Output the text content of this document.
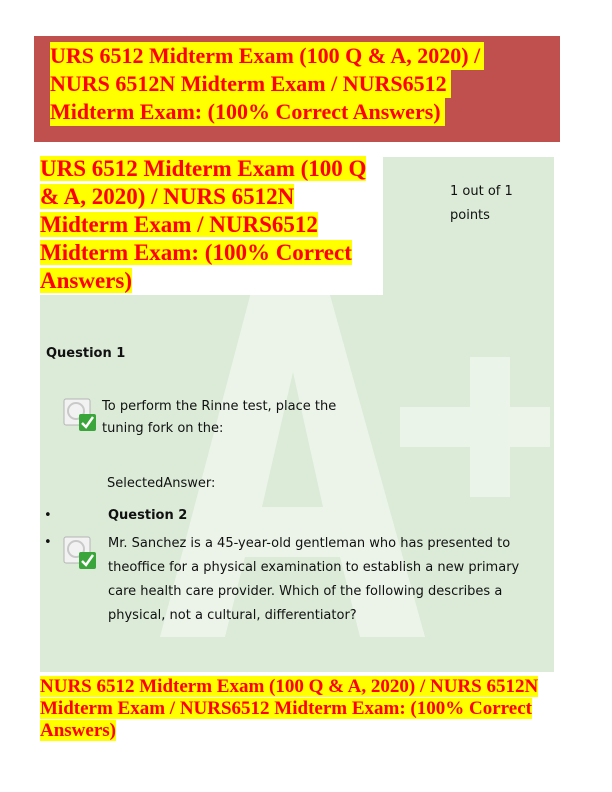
URS 6512 Midterm Exam (100 Q & A, 2020) /
NURS 6512N Midterm Exam / NURS6512
Midterm Exam: (100% Correct Answers)
URS 6512 Midterm Exam (100 Q & A, 2020) / NURS 6512N Midterm Exam / NURS6512 Midterm Exam: (100% Correct Answers)
1 out of 1 points
Question 1
To perform the Rinne test, place the tuning fork on the:
SelectedAnswer:
•
•
Question 2
Mr. Sanchez is a 45-year-old gentleman who has presented to theoffice for a physical examination to establish a new primary care health care provider. Which of the following describes a physical, not a cultural, differentiator?
NURS 6512 Midterm Exam (100 Q & A, 2020) / NURS 6512N Midterm Exam / NURS6512 Midterm Exam: (100% Correct Answers)
